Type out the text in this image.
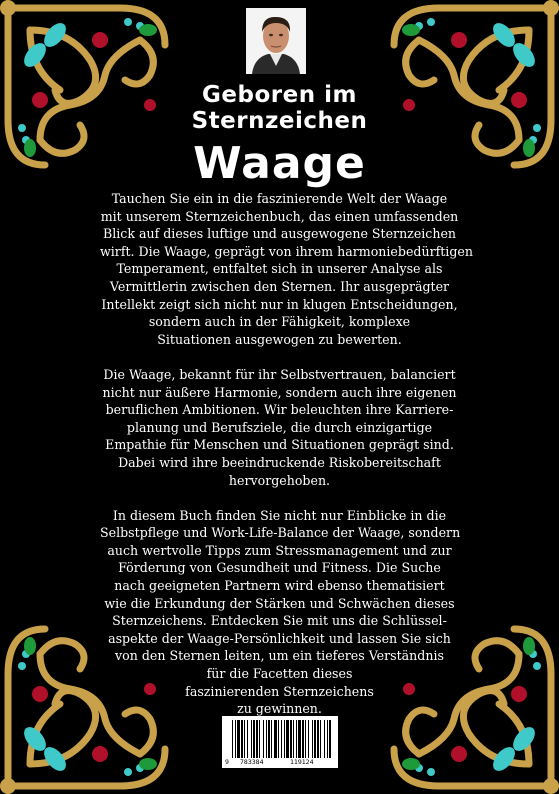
Geboren im
Sternzeichen
Waage

Tauchen Sie ein in die faszinierende Welt der Waage
mit unserem Sternzeichenbuch, das einen umfassenden
Blick auf dieses luftige und ausgewogene Sternzeichen
wirft. Die Waage, geprägt von ihrem harmoniebedürftigen
Temperament, entfaltet sich in unserer Analyse als
Vermittlerin zwischen den Sternen. Ihr ausgeprägter
Intellekt zeigt sich nicht nur in klugen Entscheidungen,
sondern auch in der Fähigkeit, komplexe
Situationen ausgewogen zu bewerten.

Die Waage, bekannt für ihr Selbstvertrauen, balanciert
nicht nur äußere Harmonie, sondern auch ihre eigenen
beruflichen Ambitionen. Wir beleuchten ihre Karriere-
planung und Berufsziele, die durch einzigartige
Empathie für Menschen und Situationen geprägt sind.
Dabei wird ihre beeindruckende Riskobereitschaft
hervorgehoben.

In diesem Buch finden Sie nicht nur Einblicke in die
Selbstpflege und Work-Life-Balance der Waage, sondern
auch wertvolle Tipps zum Stressmanagement und zur
Förderung von Gesundheit und Fitness. Die Suche
nach geeigneten Partnern wird ebenso thematisiert
wie die Erkundung der Stärken und Schwächen dieses
Sternzeichens. Entdecken Sie mit uns die Schlüssel-
aspekte der Waage-Persönlichkeit und lassen Sie sich
von den Sternen leiten, um ein tieferes Verständnis
für die Facetten dieses
faszinierenden Sternzeichens
zu gewinnen.

9 783384	119124
